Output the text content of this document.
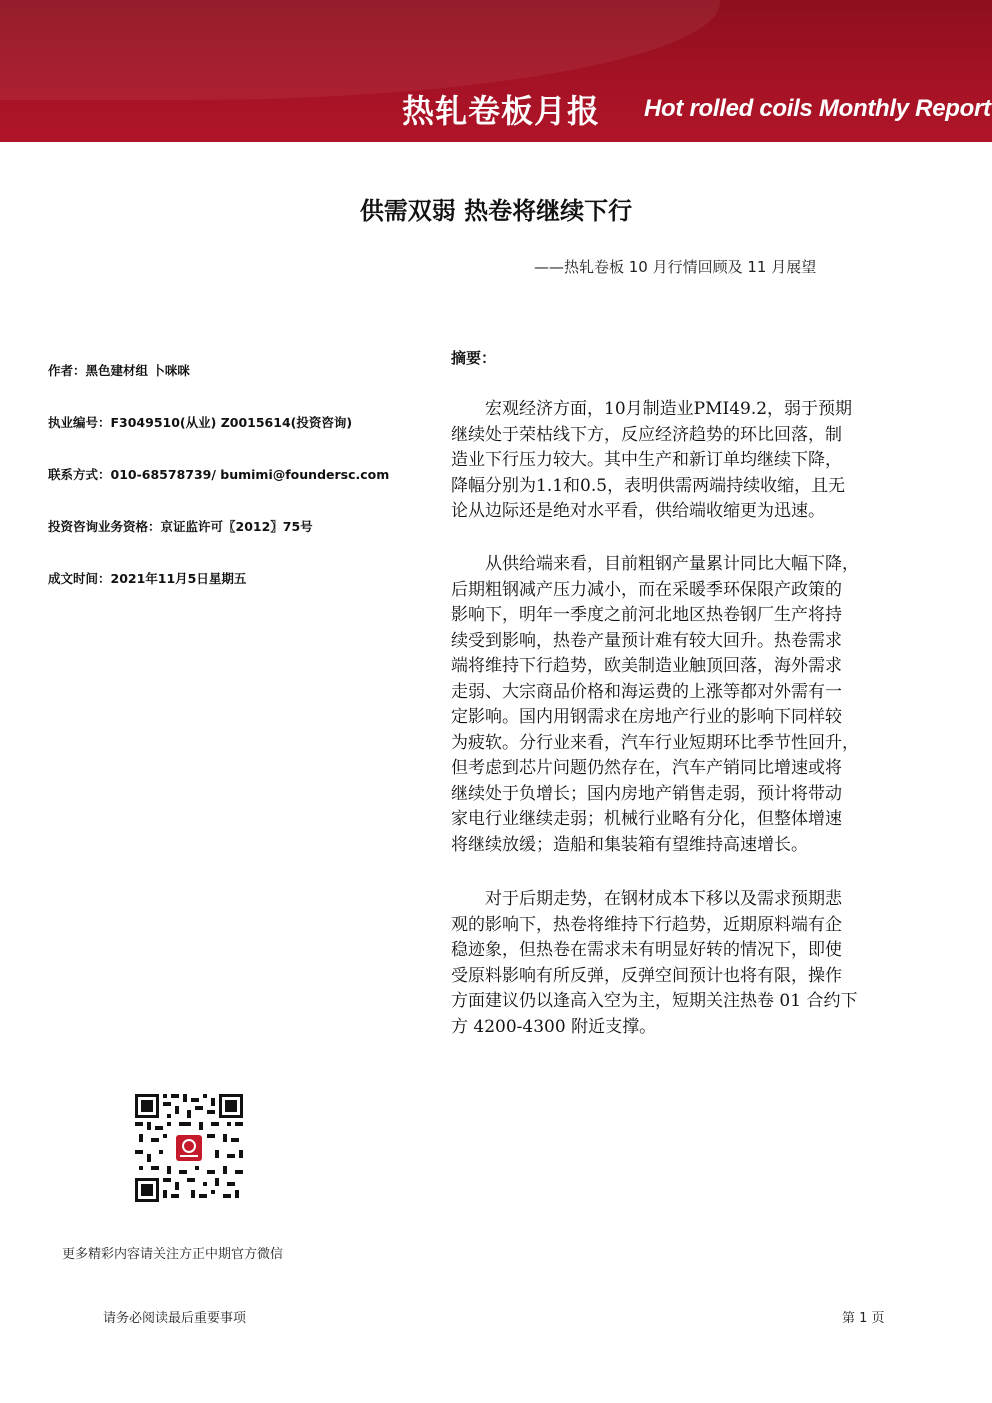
热轧卷板月报 Hot rolled coils Monthly Report
供需双弱 热卷将继续下行
——热轧卷板 10 月行情回顾及 11 月展望
作者：黑色建材组 卜咪咪
执业编号：F3049510(从业) Z0015614(投资咨询)
联系方式：010-68578739/ bumimi@foundersc.com
投资咨询业务资格：京证监许可〖2012〗75号
成文时间：2021年11月5日星期五
摘要：
　　宏观经济方面，10月制造业PMI49.2，弱于预期
继续处于荣枯线下方，反应经济趋势的环比回落，制
造业下行压力较大。其中生产和新订单均继续下降，
降幅分别为1.1和0.5，表明供需两端持续收缩，且无
论从边际还是绝对水平看，供给端收缩更为迅速。
　　从供给端来看，目前粗钢产量累计同比大幅下降，
后期粗钢减产压力减小，而在采暖季环保限产政策的
影响下，明年一季度之前河北地区热卷钢厂生产将持
续受到影响，热卷产量预计难有较大回升。热卷需求
端将维持下行趋势，欧美制造业触顶回落，海外需求
走弱、大宗商品价格和海运费的上涨等都对外需有一
定影响。国内用钢需求在房地产行业的影响下同样较
为疲软。分行业来看，汽车行业短期环比季节性回升，
但考虑到芯片问题仍然存在，汽车产销同比增速或将
继续处于负增长；国内房地产销售走弱，预计将带动
家电行业继续走弱；机械行业略有分化，但整体增速
将继续放缓；造船和集装箱有望维持高速增长。
　　对于后期走势，在钢材成本下移以及需求预期悲
观的影响下，热卷将维持下行趋势，近期原料端有企
稳迹象，但热卷在需求未有明显好转的情况下，即使
受原料影响有所反弹，反弹空间预计也将有限，操作
方面建议仍以逢高入空为主，短期关注热卷 01 合约下
方 4200-4300 附近支撑。
更多精彩内容请关注方正中期官方微信
请务必阅读最后重要事项	第 1 页
